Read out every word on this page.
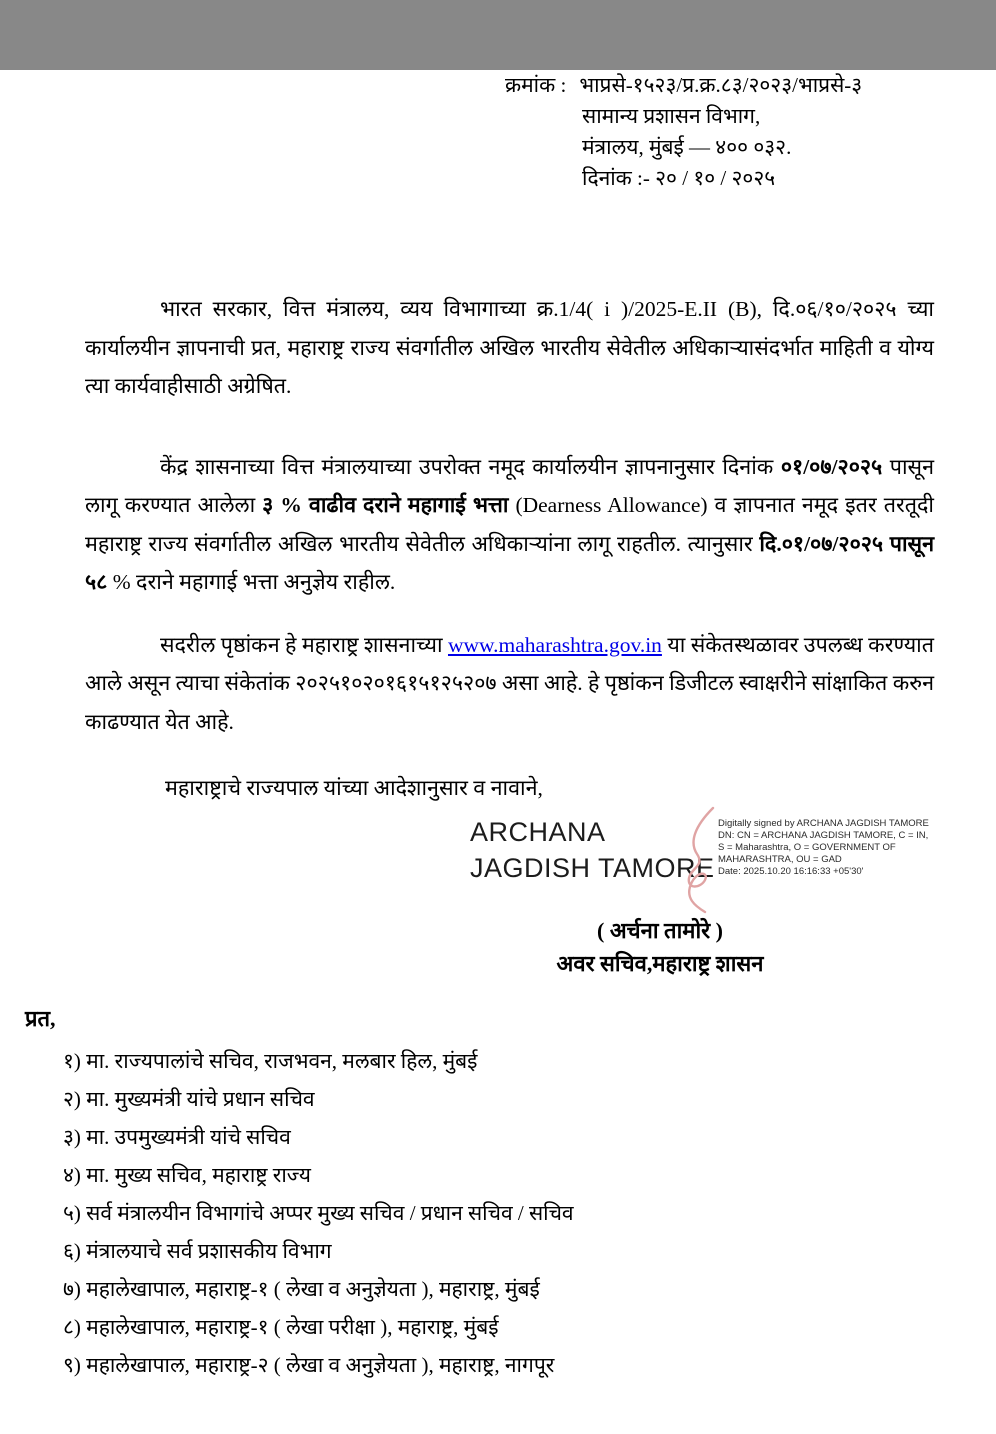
क्रमांक : भाप्रसे-१५२३/प्र.क्र.८३/२०२३/भाप्रसे-३
सामान्य प्रशासन विभाग,
मंत्रालय, मुंबई — ४०० ०३२.
दिनांक :- २० / १० / २०२५

भारत सरकार, वित्त मंत्रालय, व्यय विभागाच्या क्र.1/4( i )/2025-E.II (B), दि.०६/१०/२०२५ च्या कार्यालयीन ज्ञापनाची प्रत, महाराष्ट्र राज्य संवर्गातील अखिल भारतीय सेवेतील अधिकाऱ्यासंदर्भात माहिती व योग्य त्या कार्यवाहीसाठी अग्रेषित.

केंद्र शासनाच्या वित्त मंत्रालयाच्या उपरोक्त नमूद कार्यालयीन ज्ञापनानुसार दिनांक ०१/०७/२०२५ पासून लागू करण्यात आलेला ३ % वाढीव दराने महागाई भत्ता (Dearness Allowance) व ज्ञापनात नमूद इतर तरतूदी महाराष्ट्र राज्य संवर्गातील अखिल भारतीय सेवेतील अधिकाऱ्यांना लागू राहतील. त्यानुसार दि.०१/०७/२०२५ पासून ५८ % दराने महागाई भत्ता अनुज्ञेय राहील.

सदरील पृष्ठांकन हे महाराष्ट्र शासनाच्या www.maharashtra.gov.in या संकेतस्थळावर उपलब्ध करण्यात आले असून त्याचा संकेतांक २०२५१०२०१६१५१२५२०७ असा आहे. हे पृष्ठांकन डिजीटल स्वाक्षरीने सांक्षाकित करुन काढण्यात येत आहे.

महाराष्ट्राचे राज्यपाल यांच्या आदेशानुसार व नावाने,

ARCHANA
JAGDISH TAMORE
Digitally signed by ARCHANA JAGDISH TAMORE
DN: CN = ARCHANA JAGDISH TAMORE, C = IN,
S = Maharashtra, O = GOVERNMENT OF
MAHARASHTRA, OU = GAD
Date: 2025.10.20 16:16:33 +05'30'
( अर्चना तामोरे )
अवर सचिव,महाराष्ट्र शासन
प्रत,
१) मा. राज्यपालांचे सचिव, राजभवन, मलबार हिल, मुंबई
२) मा. मुख्यमंत्री यांचे प्रधान सचिव
३) मा. उपमुख्यमंत्री यांचे सचिव
४) मा. मुख्य सचिव, महाराष्ट्र राज्य
५) सर्व मंत्रालयीन विभागांचे अप्पर मुख्य सचिव / प्रधान सचिव / सचिव
६) मंत्रालयाचे सर्व प्रशासकीय विभाग
७) महालेखापाल, महाराष्ट्र-१ ( लेखा व अनुज्ञेयता ), महाराष्ट्र, मुंबई
८) महालेखापाल, महाराष्ट्र-१ ( लेखा परीक्षा ), महाराष्ट्र, मुंबई
९) महालेखापाल, महाराष्ट्र-२ ( लेखा व अनुज्ञेयता ), महाराष्ट्र, नागपूर
